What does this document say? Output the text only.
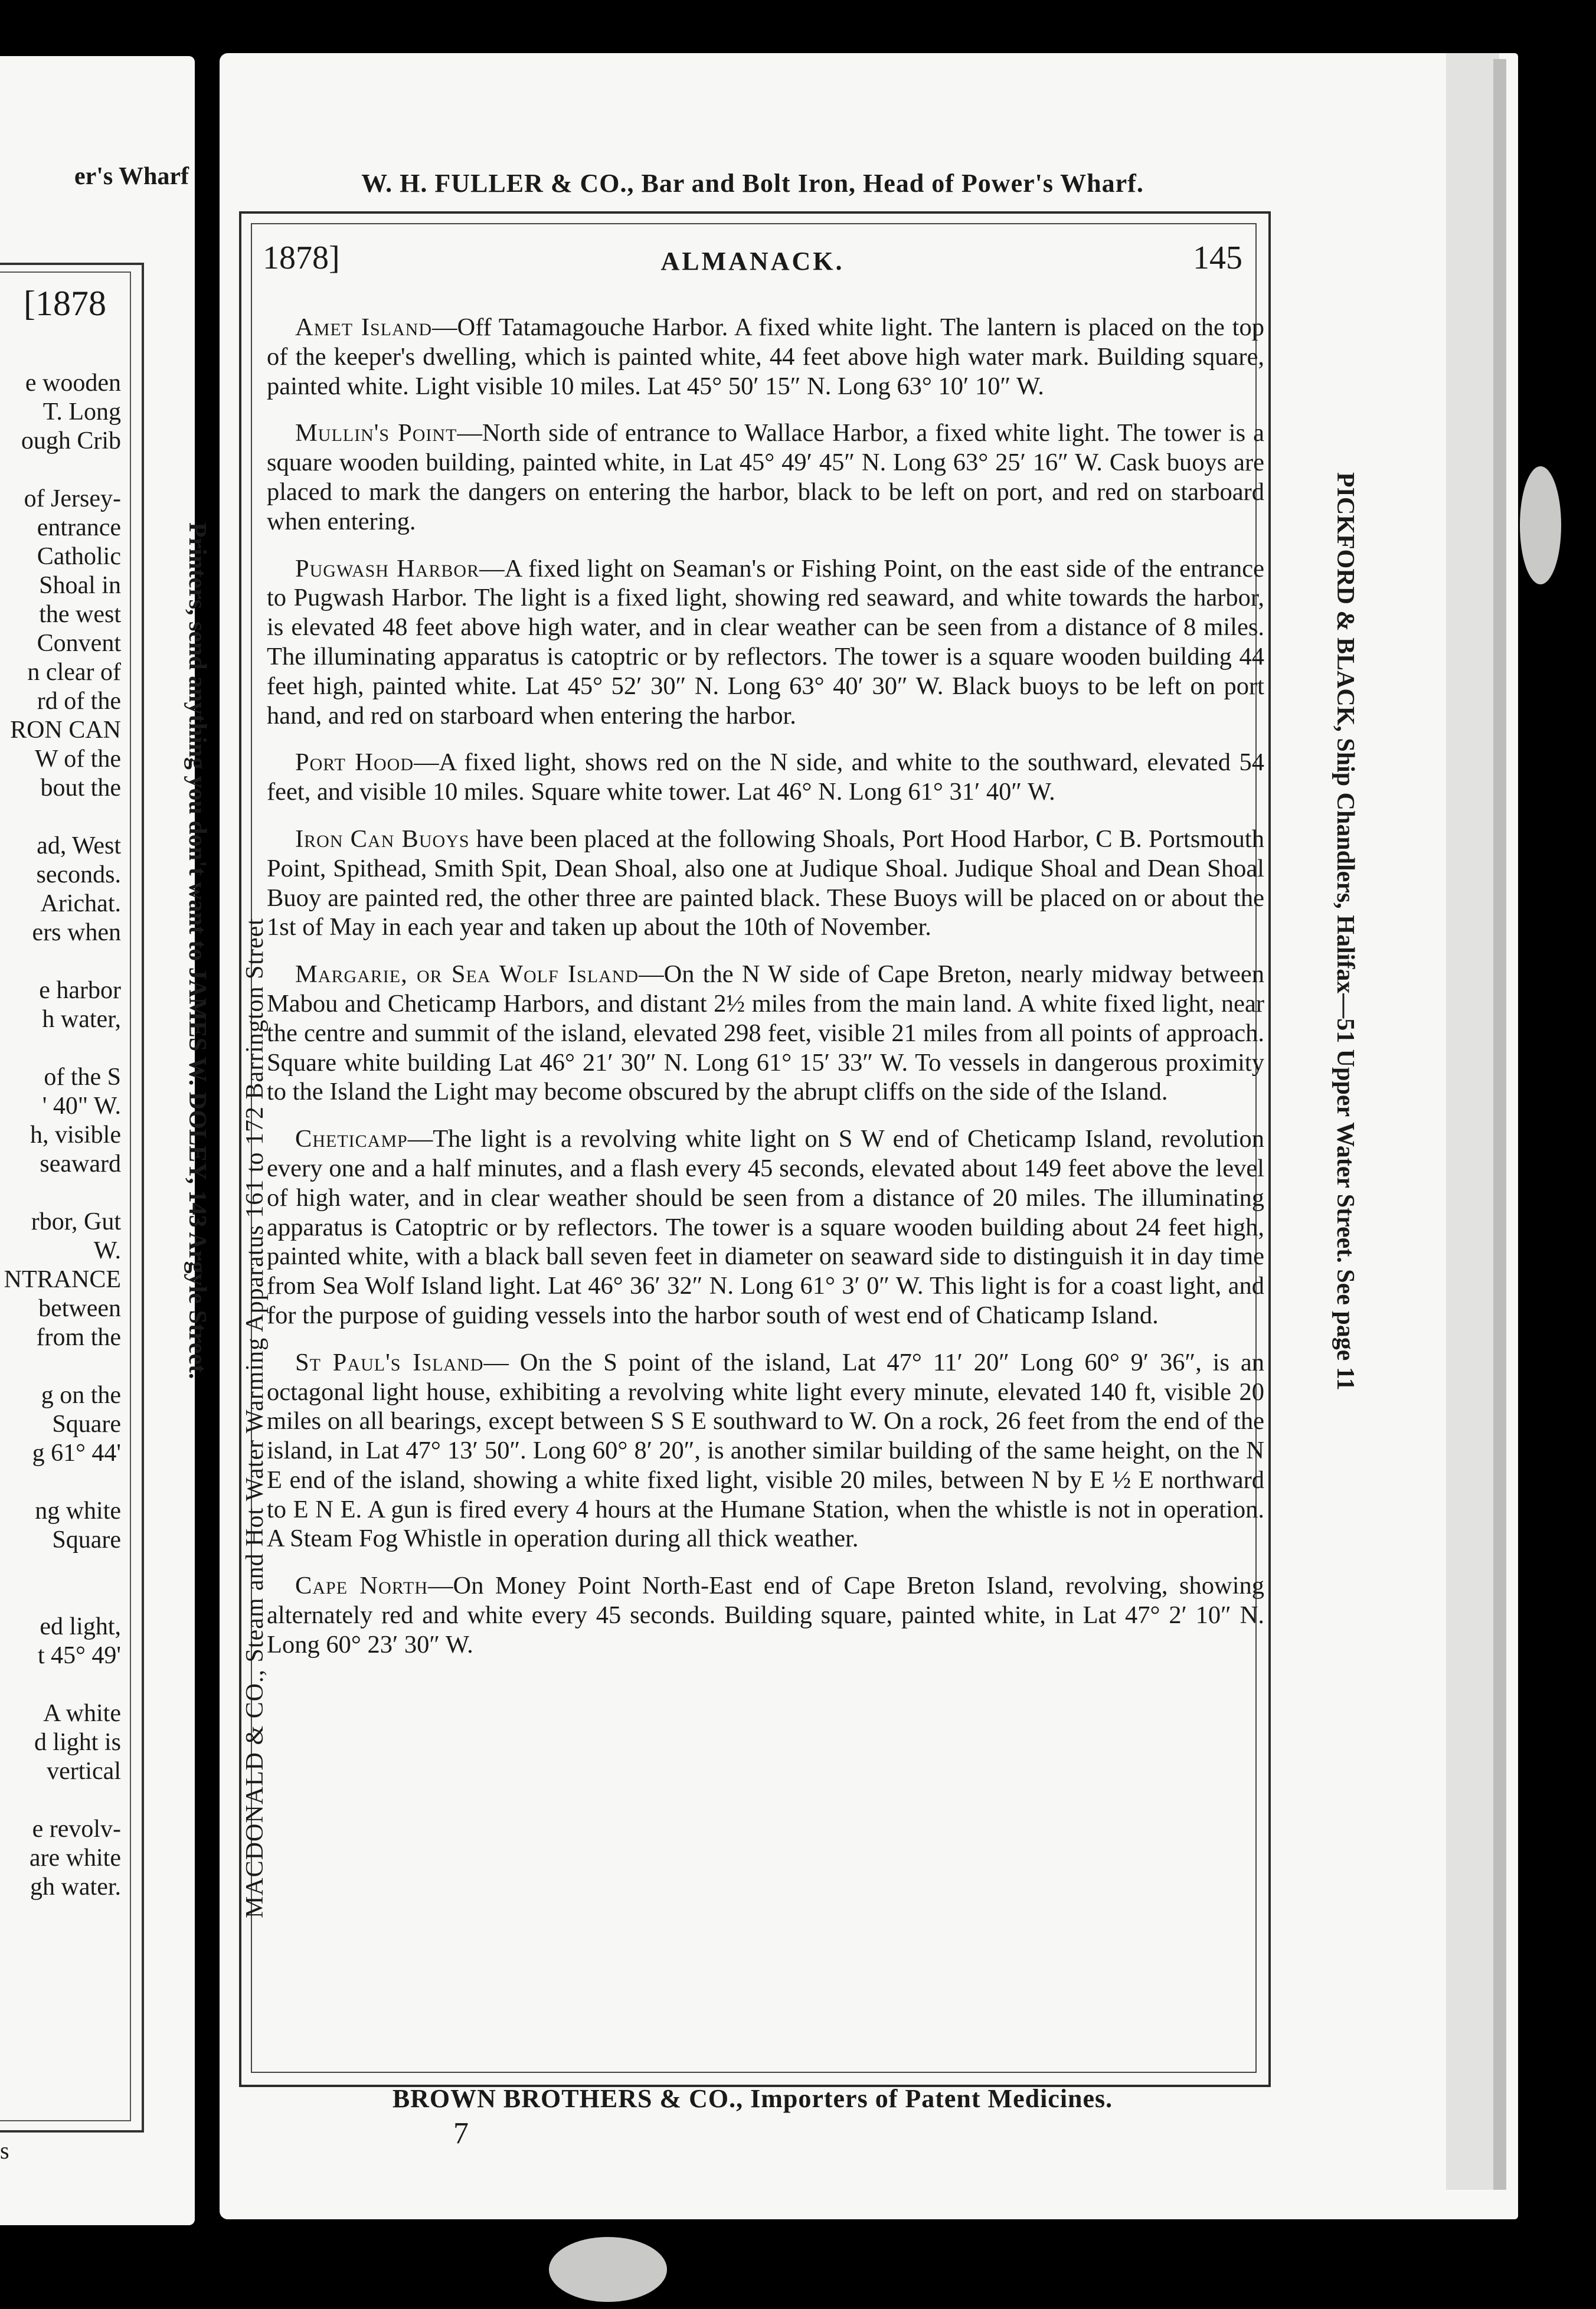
er's Wharf
[1878
e wooden
T. Long
ough Crib

of Jersey-
entrance
Catholic
Shoal in
the west
Convent
n clear of
rd of the
RON CAN
W of the
bout the

ad, West
seconds.
Arichat.
ers when

e harbor
h water,

of the S
' 40" W.
h, visible
seaward

rbor, Gut
W.
NTRANCE
between
from the

g on the
Square
g 61° 44'

ng white
Square

ed light,
t 45° 49'

A white
d light is
vertical

e revolv-
are white
gh water.
s
W. H. FULLER & CO., Bar and Bolt Iron, Head of Power's Wharf.
1878]	ALMANACK.	145

Amet Island—Off Tatamagouche Harbor. A fixed white light. The lantern is placed on the top of the keeper's dwelling, which is painted white, 44 feet above high water mark. Building square, painted white. Light visible 10 miles. Lat 45° 50′ 15″ N. Long 63° 10′ 10″ W.

Mullin's Point—North side of entrance to Wallace Harbor, a fixed white light. The tower is a square wooden building, painted white, in Lat 45° 49′ 45″ N. Long 63° 25′ 16″ W. Cask buoys are placed to mark the dangers on entering the harbor, black to be left on port, and red on starboard when entering.

Pugwash Harbor—A fixed light on Seaman's or Fishing Point, on the east side of the entrance to Pugwash Harbor. The light is a fixed light, showing red seaward, and white towards the harbor, is elevated 48 feet above high water, and in clear weather can be seen from a distance of 8 miles. The illuminating apparatus is catoptric or by reflectors. The tower is a square wooden building 44 feet high, painted white. Lat 45° 52′ 30″ N. Long 63° 40′ 30″ W. Black buoys to be left on port hand, and red on starboard when entering the harbor.

Port Hood—A fixed light, shows red on the N side, and white to the southward, elevated 54 feet, and visible 10 miles. Square white tower. Lat 46° N. Long 61° 31′ 40″ W.

Iron Can Buoys have been placed at the following Shoals, Port Hood Harbor, C B. Portsmouth Point, Spithead, Smith Spit, Dean Shoal, also one at Judique Shoal. Judique Shoal and Dean Shoal Buoy are painted red, the other three are painted black. These Buoys will be placed on or about the 1st of May in each year and taken up about the 10th of November.

Margarie, or Sea Wolf Island—On the N W side of Cape Breton, nearly midway between Mabou and Cheticamp Harbors, and distant 2½ miles from the main land. A white fixed light, near the centre and summit of the island, elevated 298 feet, visible 21 miles from all points of approach. Square white building Lat 46° 21′ 30″ N. Long 61° 15′ 33″ W. To vessels in dangerous proximity to the Island the Light may become obscured by the abrupt cliffs on the side of the Island.

Cheticamp—The light is a revolving white light on S W end of Cheticamp Island, revolution every one and a half minutes, and a flash every 45 seconds, elevated about 149 feet above the level of high water, and in clear weather should be seen from a distance of 20 miles. The illuminating apparatus is Catoptric or by reflectors. The tower is a square wooden building about 24 feet high, painted white, with a black ball seven feet in diameter on seaward side to distinguish it in day time from Sea Wolf Island light. Lat 46° 36′ 32″ N. Long 61° 3′ 0″ W. This light is for a coast light, and for the purpose of guiding vessels into the harbor south of west end of Chaticamp Island.

St Paul's Island— On the S point of the island, Lat 47° 11′ 20″ Long 60° 9′ 36″, is an octagonal light house, exhibiting a revolving white light every minute, elevated 140 ft, visible 20 miles on all bearings, except between S S E southward to W. On a rock, 26 feet from the end of the island, in Lat 47° 13′ 50″. Long 60° 8′ 20″, is another similar building of the same height, on the N E end of the island, showing a white fixed light, visible 20 miles, between N by E ½ E northward to E N E. A gun is fired every 4 hours at the Humane Station, when the whistle is not in operation. A Steam Fog Whistle in operation during all thick weather.

Cape North—On Money Point North-East end of Cape Breton Island, revolving, showing alternately red and white every 45 seconds. Building square, painted white, in Lat 47° 2′ 10″ N. Long 60° 23′ 30″ W.

BROWN BROTHERS & CO., Importers of Patent Medicines.
7
MACDONALD & CO., Steam and Hot Water Warming Apparatus 161 to 172 Barrington Street
Printers, send anything you don't want to JAMES W. DOLEY, 143 Argyle Street.	PICKFORD & BLACK, Ship Chandlers, Halifax—51 Upper Water Street. See page 11
